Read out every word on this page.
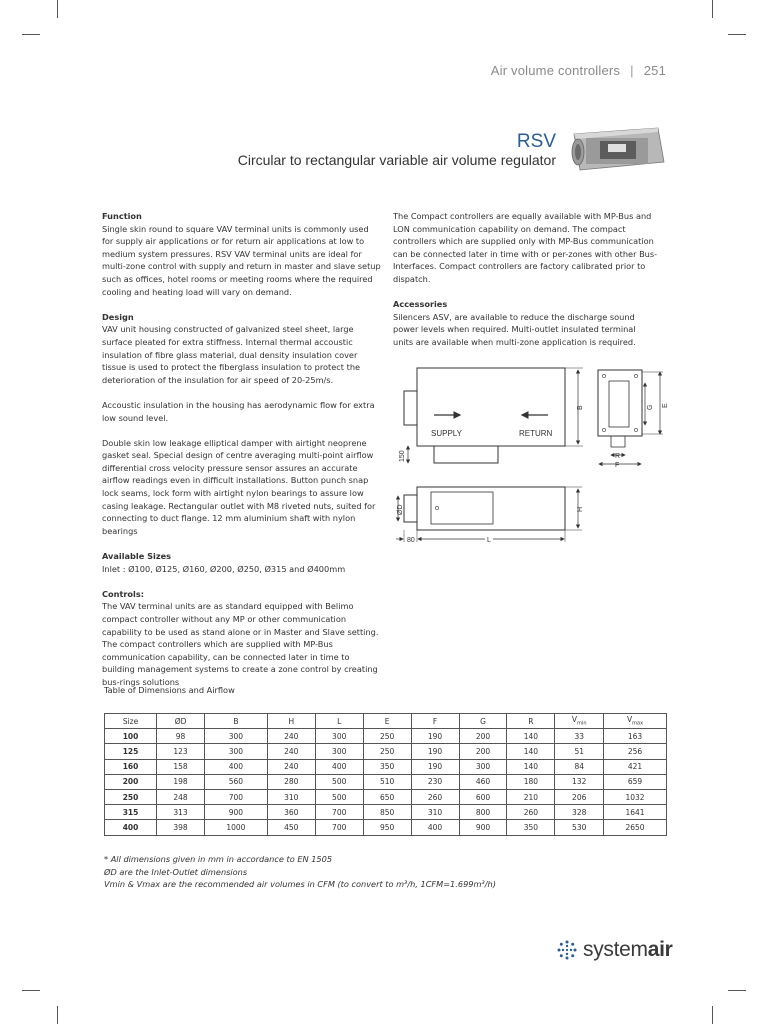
Air volume controllers | 251
RSV
Circular to rectangular variable air volume regulator

Function
Single skin round to square VAV terminal units is commonly used for supply air applications or for return air applications at low to medium system pressures. RSV VAV terminal units are ideal for multi-zone control with supply and return in master and slave setup such as offices, hotel rooms or meeting rooms where the required cooling and heating load will vary on demand.

Design
VAV unit housing constructed of galvanized steel sheet, large surface pleated for extra stiffness. Internal thermal accoustic insulation of fibre glass material, dual density insulation cover tissue is used to protect the fiberglass insulation to protect the deterioration of the insulation for air speed of 20-25m/s.

Accoustic insulation in the housing has aerodynamic flow for extra low sound level.

Double skin low leakage elliptical damper with airtight neoprene gasket seal. Special design of centre averaging multi-point airflow differential cross velocity pressure sensor assures an accurate airflow readings even in difficult installations. Button punch snap lock seams, lock form with airtight nylon bearings to assure low casing leakage. Rectangular outlet with M8 riveted nuts, suited for connecting to duct flange. 12 mm aluminium shaft with nylon bearings

Available Sizes
Inlet : Ø100, Ø125, Ø160, Ø200, Ø250, Ø315 and Ø400mm

Controls:
The VAV terminal units are as standard equipped with Belimo compact controller without any MP or other communication capability to be used as stand alone or in Master and Slave setting. The compact controllers which are supplied with MP-Bus communication capability, can be connected later in time to building management systems to create a zone control by creating bus-rings solutions

The Compact controllers are equally available with MP-Bus and LON communication capability on demand. The compact controllers which are supplied only with MP-Bus communication can be connected later in time with or per-zones with other Bus-Interfaces. Compact controllers are factory calibrated prior to dispatch.

Accessories
Silencers ASV, are available to reduce the discharge sound power levels when required. Multi-outlet insulated terminal units are available when multi-zone application is required.

SUPPLY	RETURN
B
150
G E
R
F
ØD	H
80	L
Table of Dimensions and Airflow
Size	ØD	B	H	L	E	F	G	R	$V_{min}$	$V_{max}$
100	98	300	240	300	250	190	200	140	33	163
125	123	300	240	300	250	190	200	140	51	256
160	158	400	240	400	350	190	300	140	84	421
200	198	560	280	500	510	230	460	180	132	659
250	248	700	310	500	650	260	600	210	206	1032
315	313	900	360	700	850	310	800	260	328	1641
400	398	1000	450	700	950	400	900	350	530	2650
* All dimensions given in mm in accordance to EN 1505
ØD are the Inlet-Outlet dimensions
Vmin & Vmax are the recommended air volumes in CFM (to convert to m³/h, 1CFM=1.699m³/h)
systemair
